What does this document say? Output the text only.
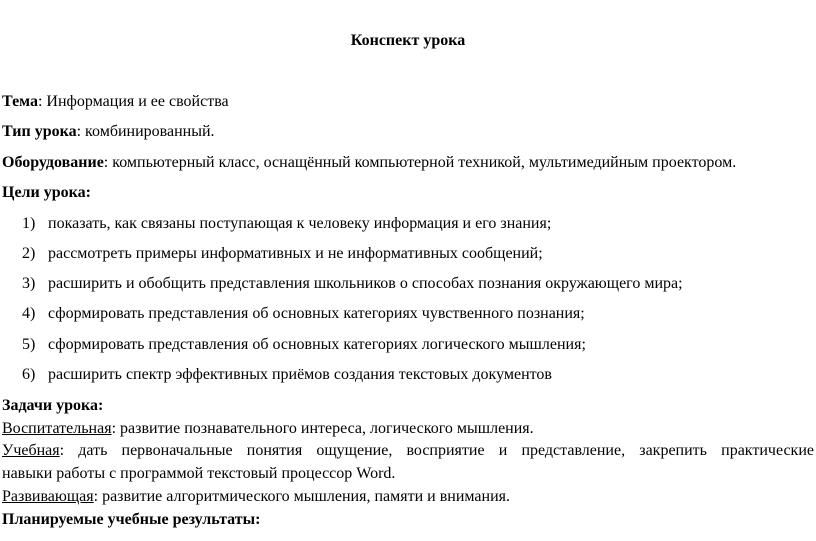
Конспект урока
Тема: Информация и ее свойства
Тип урока: комбинированный.
Оборудование: компьютерный класс, оснащённый компьютерной техникой, мультимедийным проектором.
Цели урока:
1) показать, как связаны поступающая к человеку информация и его знания;
2) рассмотреть примеры информативных и не информативных сообщений;
3) расширить и обобщить представления школьников о способах познания окружающего мира;
4) сформировать представления об основных категориях чувственного познания;
5) сформировать представления об основных категориях логического мышления;
6) расширить спектр эффективных приёмов создания текстовых документов
Задачи урока:
Воспитательная: развитие познавательного интереса, логического мышления.
Учебная: дать первоначальные понятия ощущение, восприятие и представление, закрепить практические
навыки работы с программой текстовый процессор Word.
Развивающая: развитие алгоритмического мышления, памяти и внимания.
Планируемые учебные результаты:
